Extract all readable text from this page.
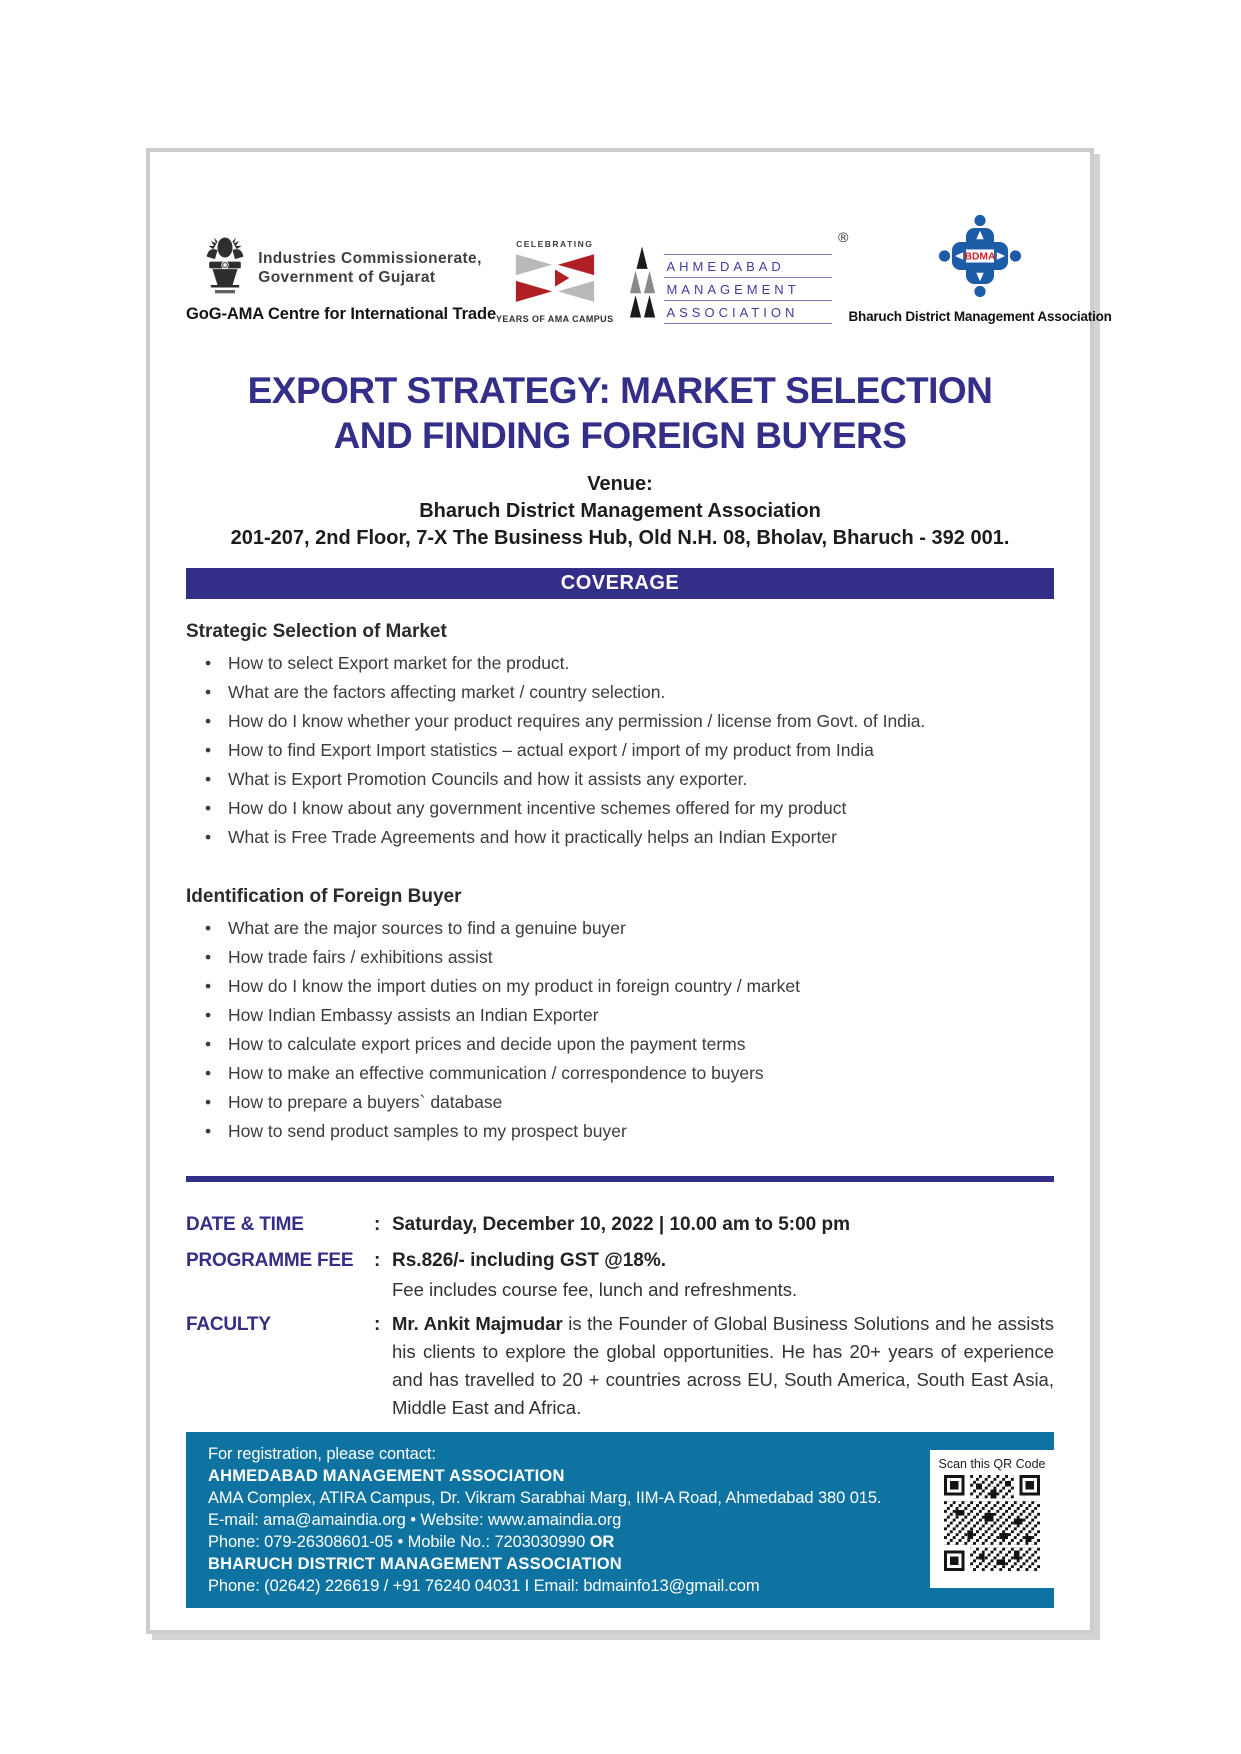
Industries Commissionerate,
Government of Gujarat
GoG-AMA Centre for International Trade
CELEBRATING
YEARS OF AMA CAMPUS
AHMEDABAD
MANAGEMENT
ASSOCIATION
®
BDMA
Bharuch District Management Association
EXPORT STRATEGY: MARKET SELECTION
AND FINDING FOREIGN BUYERS
Venue:
Bharuch District Management Association
201-207, 2nd Floor, 7-X The Business Hub, Old N.H. 08, Bholav, Bharuch - 392 001.
COVERAGE
Strategic Selection of Market
• How to select Export market for the product.
• What are the factors affecting market / country selection.
• How do I know whether your product requires any permission / license from Govt. of India.
• How to find Export Import statistics – actual export / import of my product from India
• What is Export Promotion Councils and how it assists any exporter.
• How do I know about any government incentive schemes offered for my product
• What is Free Trade Agreements and how it practically helps an Indian Exporter
Identification of Foreign Buyer
• What are the major sources to find a genuine buyer
• How trade fairs / exhibitions assist
• How do I know the import duties on my product in foreign country / market
• How Indian Embassy assists an Indian Exporter
• How to calculate export prices and decide upon the payment terms
• How to make an effective communication / correspondence to buyers
• How to prepare a buyers` database
• How to send product samples to my prospect buyer
DATE & TIME	: Saturday, December 10, 2022 | 10.00 am to 5:00 pm
PROGRAMME FEE	: Rs.826/- including GST @18%.
Fee includes course fee, lunch and refreshments.
FACULTY	: Mr. Ankit Majmudar is the Founder of Global Business Solutions and he assists his clients to explore the global opportunities. He has 20+ years of experience and has travelled to 20 + countries across EU, South America, South East Asia, Middle East and Africa.

For registration, please contact:
AHMEDABAD MANAGEMENT ASSOCIATION
AMA Complex, ATIRA Campus, Dr. Vikram Sarabhai Marg, IIM-A Road, Ahmedabad 380 015.
E-mail: ama@amaindia.org • Website: www.amaindia.org
Phone: 079-26308601-05 • Mobile No.: 7203030990 OR
BHARUCH DISTRICT MANAGEMENT ASSOCIATION
Phone: (02642) 226619 / +91 76240 04031 I Email: bdmainfo13@gmail.com
Scan this QR Code
